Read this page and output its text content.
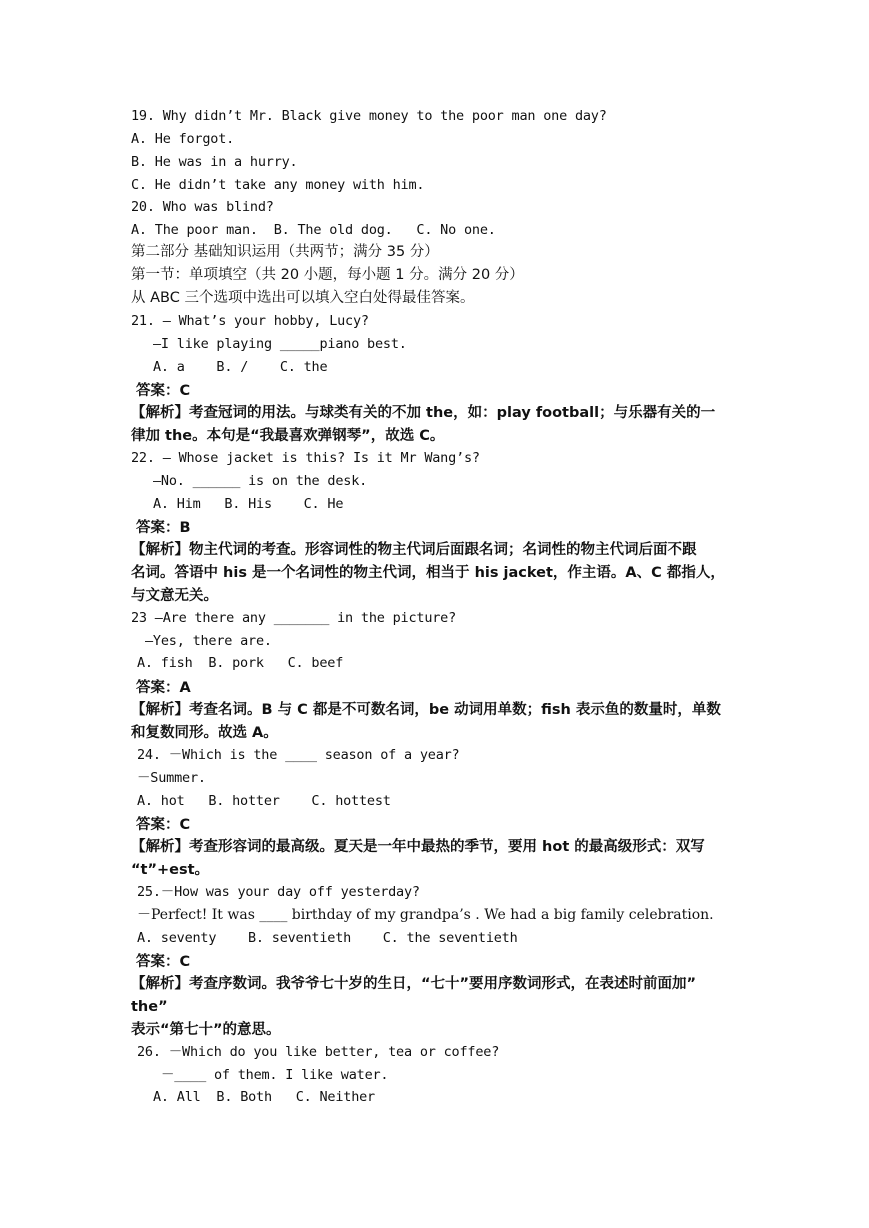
19. Why didn’t Mr. Black give money to the poor man one day?
A. He forgot.
B. He was in a hurry.
C. He didn’t take any money with him.
20. Who was blind?
A. The poor man.  B. The old dog.   C. No one.
第二部分 基础知识运用（共两节；满分 35 分）
第一节：单项填空（共 20 小题，每小题 1 分。满分 20 分）
从 ABC 三个选项中选出可以填入空白处得最佳答案。
21. — What’s your hobby, Lucy?
—I like playing _____piano best.
A. a    B. /    C. the
答案：C
【解析】考查冠词的用法。与球类有关的不加 the，如：play football；与乐器有关的一
律加 the。本句是“我最喜欢弹钢琴”，故选 C。
22. — Whose jacket is this? Is it Mr Wang’s?
—No. ______ is on the desk.
A. Him   B. His    C. He
答案：B
【解析】物主代词的考查。形容词性的物主代词后面跟名词；名词性的物主代词后面不跟
名词。答语中 his 是一个名词性的物主代词，相当于 his jacket，作主语。A、C 都指人，
与文意无关。
23 —Are there any _______ in the picture?
—Yes, there are.
A. fish  B. pork   C. beef
答案：A
【解析】考查名词。B 与 C 都是不可数名词，be 动词用单数；fish 表示鱼的数量时，单数
和复数同形。故选 A。
24. －Which is the ____ season of a year?
－Summer.
A. hot   B. hotter    C. hottest
答案：C
【解析】考查形容词的最高级。夏天是一年中最热的季节，要用 hot 的最高级形式：双写
“t”+est。
25.－How was your day off yesterday?
－Perfect! It was ____ birthday of my grandpa’s . We had a big family celebration.
A. seventy    B. seventieth    C. the seventieth
答案：C
【解析】考查序数词。我爷爷七十岁的生日，“七十”要用序数词形式，在表述时前面加”
the”
表示“第七十”的意思。
26. －Which do you like better, tea or coffee?
－____ of them. I like water.
A. All  B. Both   C. Neither
